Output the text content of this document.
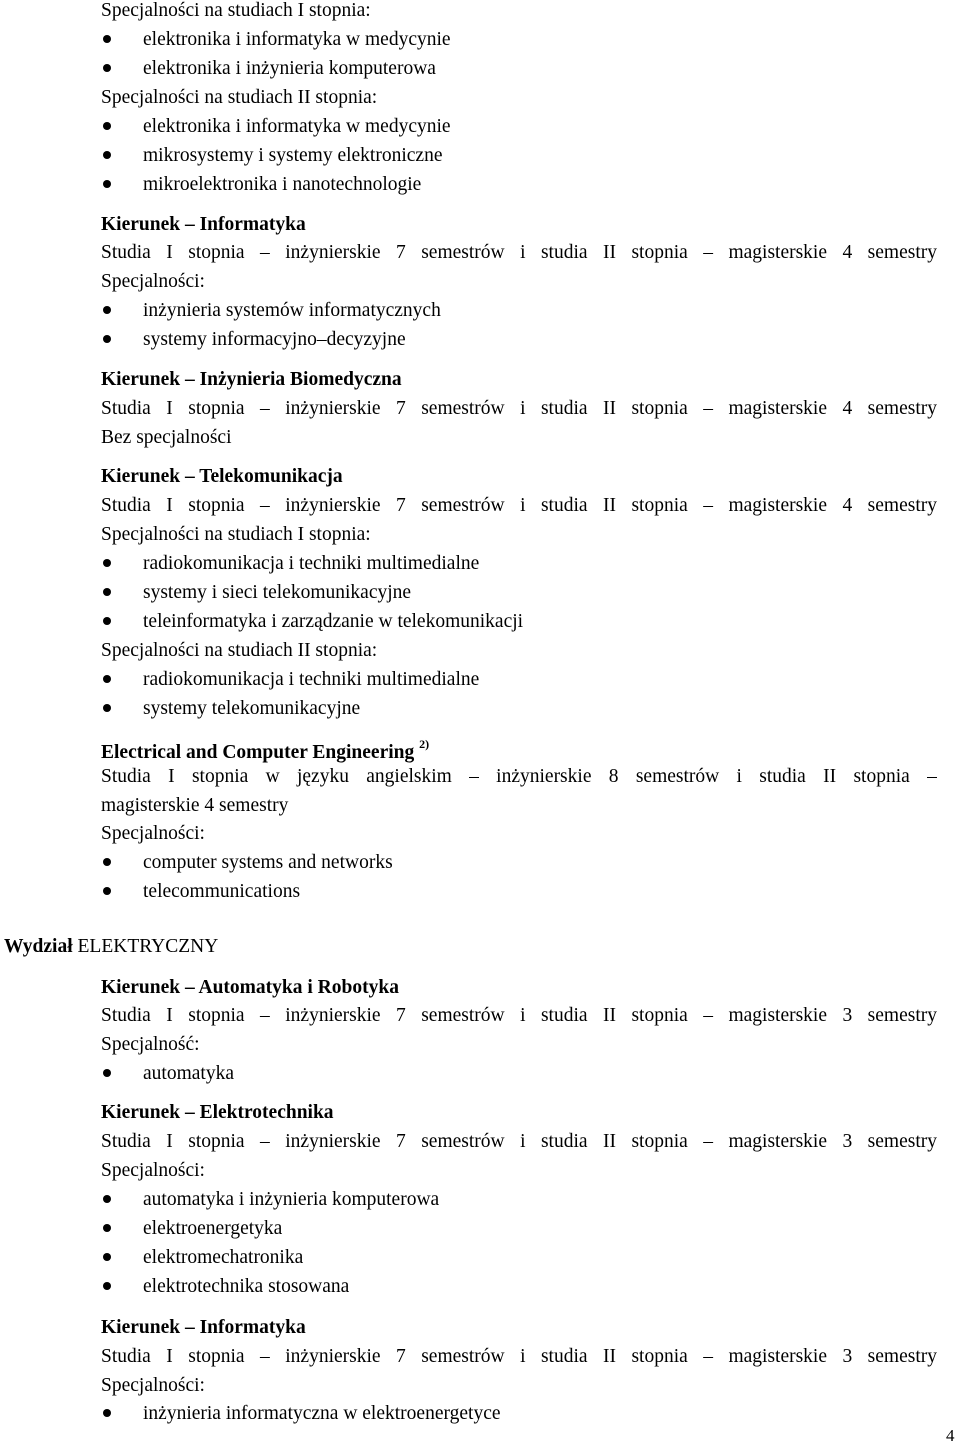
Specjalności na studiach I stopnia:
elektronika i informatyka w medycynie
elektronika i inżynieria komputerowa
Specjalności na studiach II stopnia:
elektronika i informatyka w medycynie
mikrosystemy i systemy elektroniczne
mikroelektronika i nanotechnologie
Kierunek – Informatyka
Studia I stopnia – inżynierskie 7 semestrów i studia II stopnia – magisterskie 4 semestry
Specjalności:
inżynieria systemów informatycznych
systemy informacyjno–decyzyjne
Kierunek – Inżynieria Biomedyczna
Studia I stopnia – inżynierskie 7 semestrów i studia II stopnia – magisterskie 4 semestry
Bez specjalności
Kierunek – Telekomunikacja
Studia I stopnia – inżynierskie 7 semestrów i studia II stopnia – magisterskie 4 semestry
Specjalności na studiach I stopnia:
radiokomunikacja i techniki multimedialne
systemy i sieci telekomunikacyjne
teleinformatyka i zarządzanie w telekomunikacji
Specjalności na studiach II stopnia:
radiokomunikacja i techniki multimedialne
systemy telekomunikacyjne
Electrical and Computer Engineering $^{2)}$
Studia I stopnia w języku angielskim – inżynierskie 8 semestrów i studia II stopnia –
magisterskie 4 semestry
Specjalności:
computer systems and networks
telecommunications
Wydział ELEKTRYCZNY
Kierunek – Automatyka i Robotyka
Studia I stopnia – inżynierskie 7 semestrów i studia II stopnia – magisterskie 3 semestry
Specjalność:
automatyka
Kierunek – Elektrotechnika
Studia I stopnia – inżynierskie 7 semestrów i studia II stopnia – magisterskie 3 semestry
Specjalności:
automatyka i inżynieria komputerowa
elektroenergetyka
elektromechatronika
elektrotechnika stosowana
Kierunek – Informatyka
Studia I stopnia – inżynierskie 7 semestrów i studia II stopnia – magisterskie 3 semestry
Specjalności:
inżynieria informatyczna w elektroenergetyce
4
